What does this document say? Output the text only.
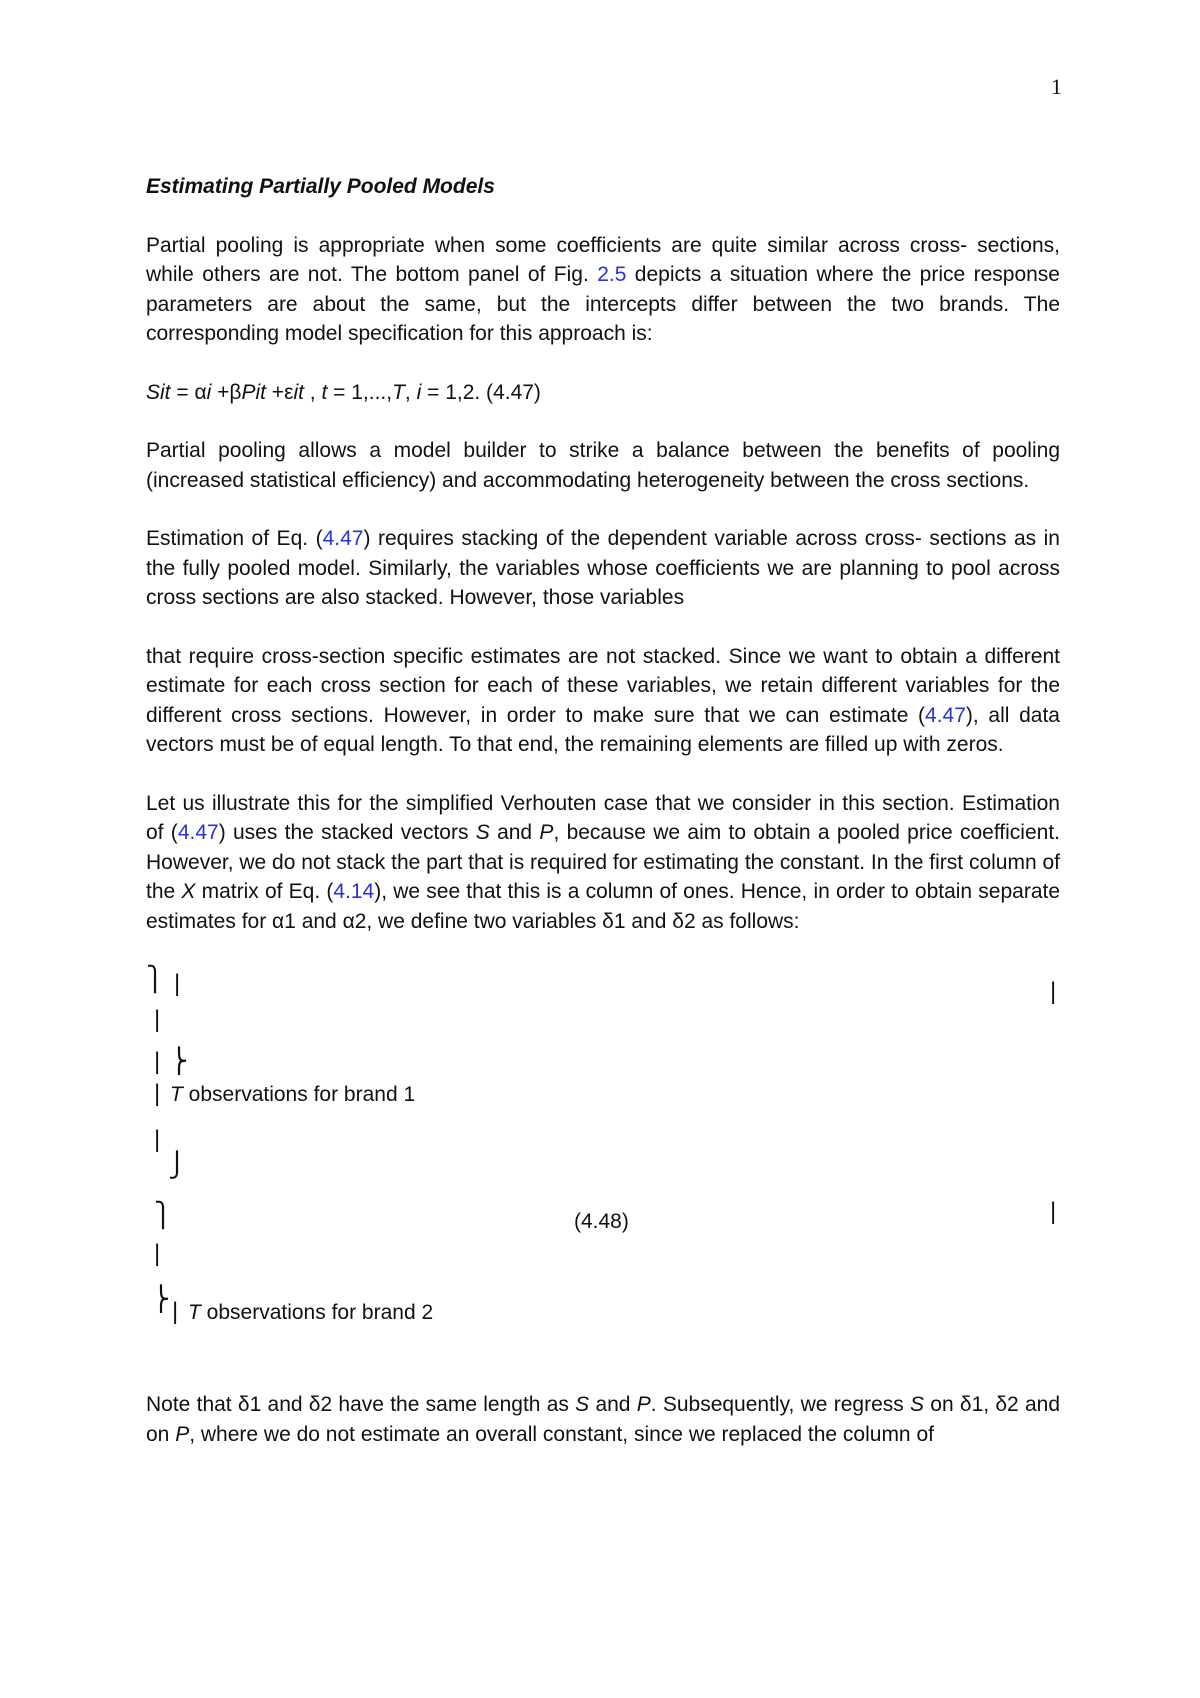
1
Estimating Partially Pooled Models

Partial pooling is appropriate when some coefficients are quite similar across cross- sections, while others are not. The bottom panel of Fig. 2.5 depicts a situation where the price response parameters are about the same, but the intercepts differ between the two brands. The corresponding model specification for this approach is:

Sit = αi +βPit +εit , t = 1,...,T, i = 1,2. (4.47)

Partial pooling allows a model builder to strike a balance between the benefits of pooling (increased statistical efficiency) and accommodating heterogeneity between the cross sections.

Estimation of Eq. (4.47) requires stacking of the dependent variable across cross- sections as in the fully pooled model. Similarly, the variables whose coefficients we are planning to pool across cross sections are also stacked. However, those variables

that require cross-section specific estimates are not stacked. Since we want to obtain a different estimate for each cross section for each of these variables, we retain different variables for the different cross sections. However, in order to make sure that we can estimate (4.47), all data vectors must be of equal length. To that end, the remaining elements are filled up with zeros.

Let us illustrate this for the simplified Verhouten case that we consider in this section. Estimation of (4.47) uses the stacked vectors S and P, because we aim to obtain a pooled price coefficient. However, we do not stack the part that is required for estimating the constant. In the first column of the X matrix of Eq. (4.14), we see that this is a column of ones. Hence, in order to obtain separate estimates for α1 and α2, we define two variables δ1 and δ2 as follows:

⎫ |	|
|
| ⎬
| T observations for brand 1
|
⎭
⎫	|
(4.48)
|
⎬ | T observations for brand 2

Note that δ1 and δ2 have the same length as S and P. Subsequently, we regress S on δ1, δ2 and on P, where we do not estimate an overall constant, since we replaced the column of
